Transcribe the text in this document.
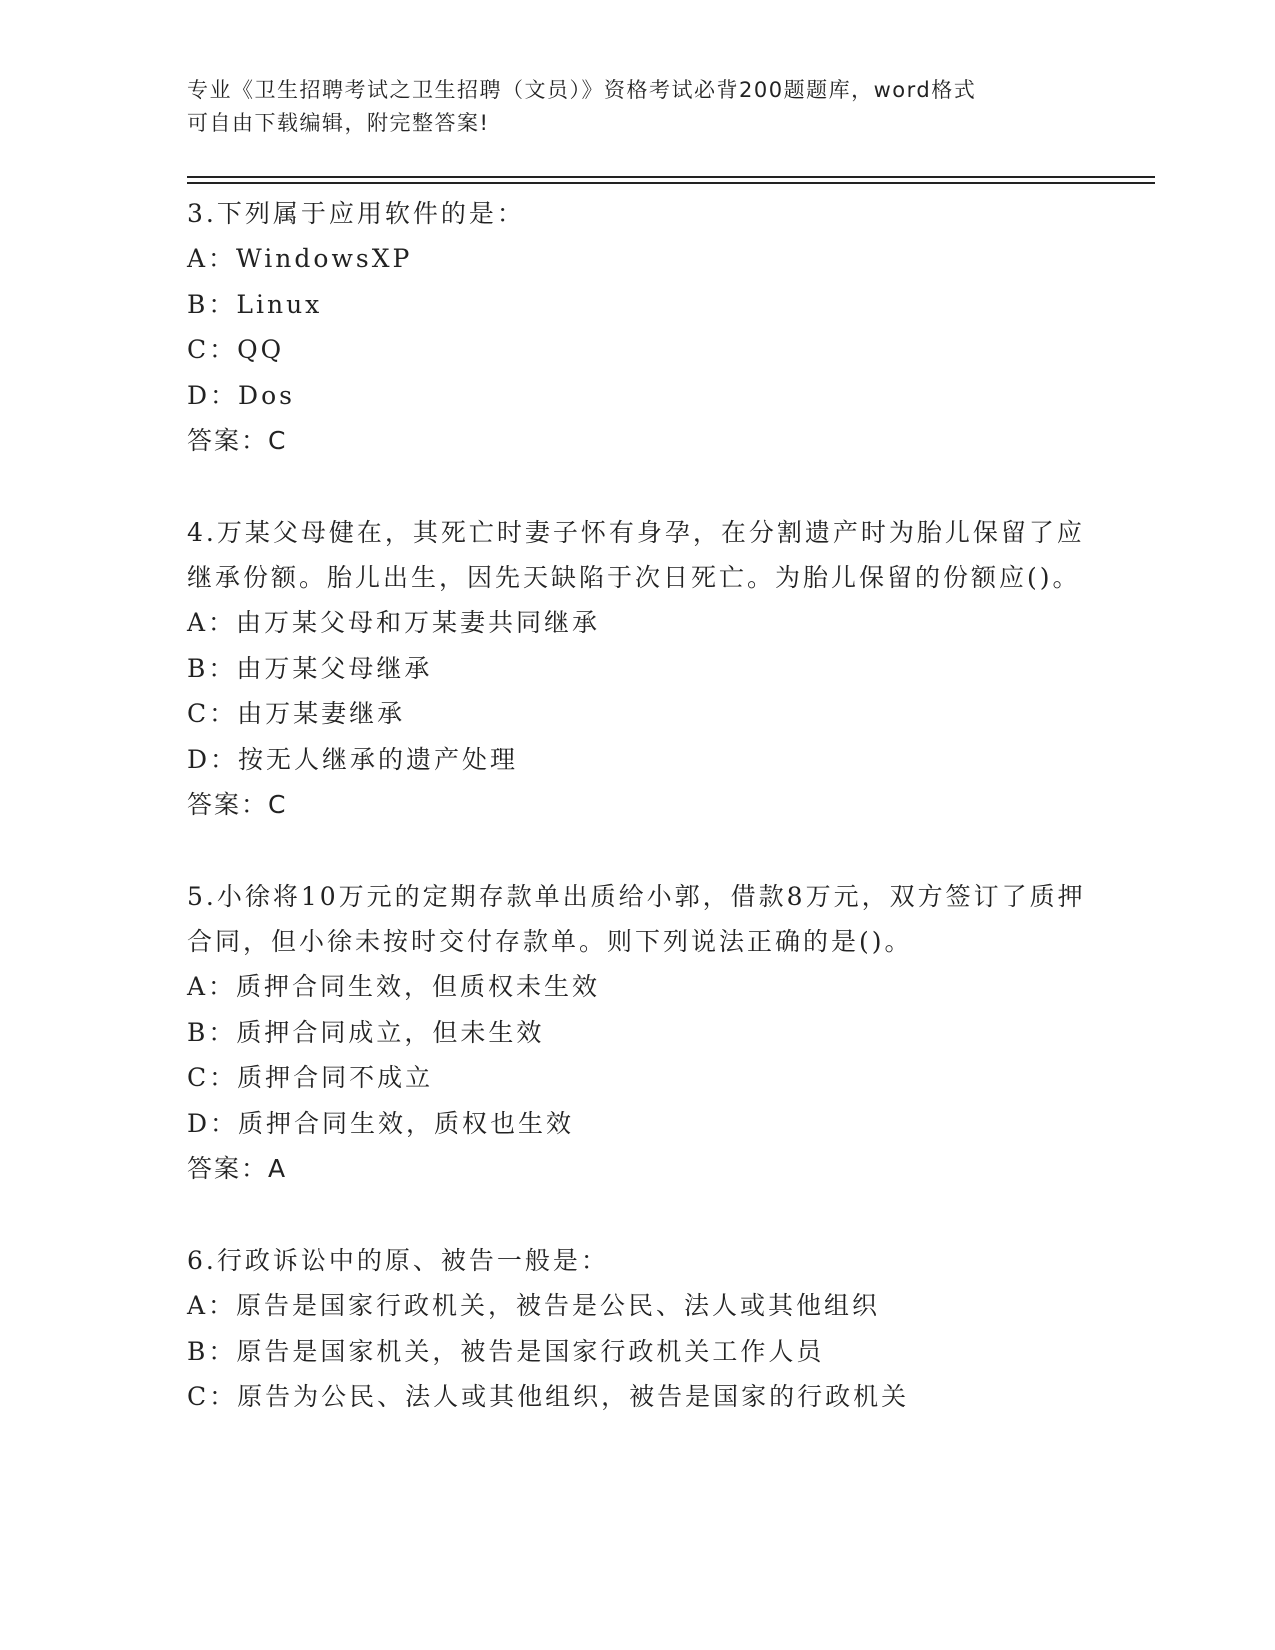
专业《卫生招聘考试之卫生招聘（文员）》资格考试必背200题题库，word格式
可自由下载编辑，附完整答案!

3.下列属于应用软件的是：

A：WindowsXP

B：Linux

C：QQ

D：Dos

答案：C

4.万某父母健在，其死亡时妻子怀有身孕，在分割遗产时为胎儿保留了应继承份额。胎儿出生，因先天缺陷于次日死亡。为胎儿保留的份额应()。

A：由万某父母和万某妻共同继承

B：由万某父母继承

C：由万某妻继承

D：按无人继承的遗产处理

答案：C

5.小徐将10万元的定期存款单出质给小郭，借款8万元，双方签订了质押合同，但小徐未按时交付存款单。则下列说法正确的是()。

A：质押合同生效，但质权未生效

B：质押合同成立，但未生效

C：质押合同不成立

D：质押合同生效，质权也生效

答案：A

6.行政诉讼中的原、被告一般是：

A：原告是国家行政机关，被告是公民、法人或其他组织

B：原告是国家机关，被告是国家行政机关工作人员

C：原告为公民、法人或其他组织，被告是国家的行政机关
